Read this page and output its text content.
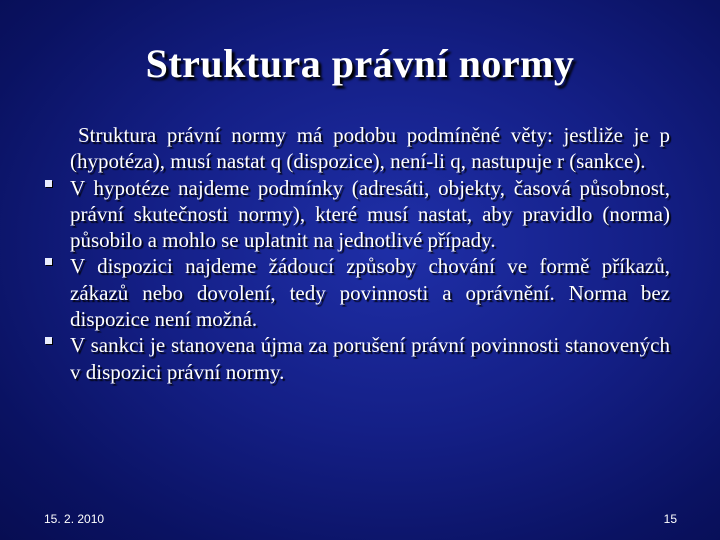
Struktura právní normy
Struktura právní normy má podobu podmíněné věty: jestliže je p (hypotéza), musí nastat q (dispozice), není-li q, nastupuje r (sankce).
V hypotéze najdeme podmínky (adresáti, objekty, časová působnost, právní skutečnosti normy), které musí nastat, aby pravidlo (norma) působilo a mohlo se uplatnit na jednotlivé případy.
V dispozici najdeme žádoucí způsoby chování ve formě příkazů, zákazů nebo dovolení, tedy povinnosti a oprávnění. Norma bez dispozice není možná.
V sankci je stanovena újma za porušení právní povinnosti stanovených v dispozici právní normy.
15. 2. 2010	15
